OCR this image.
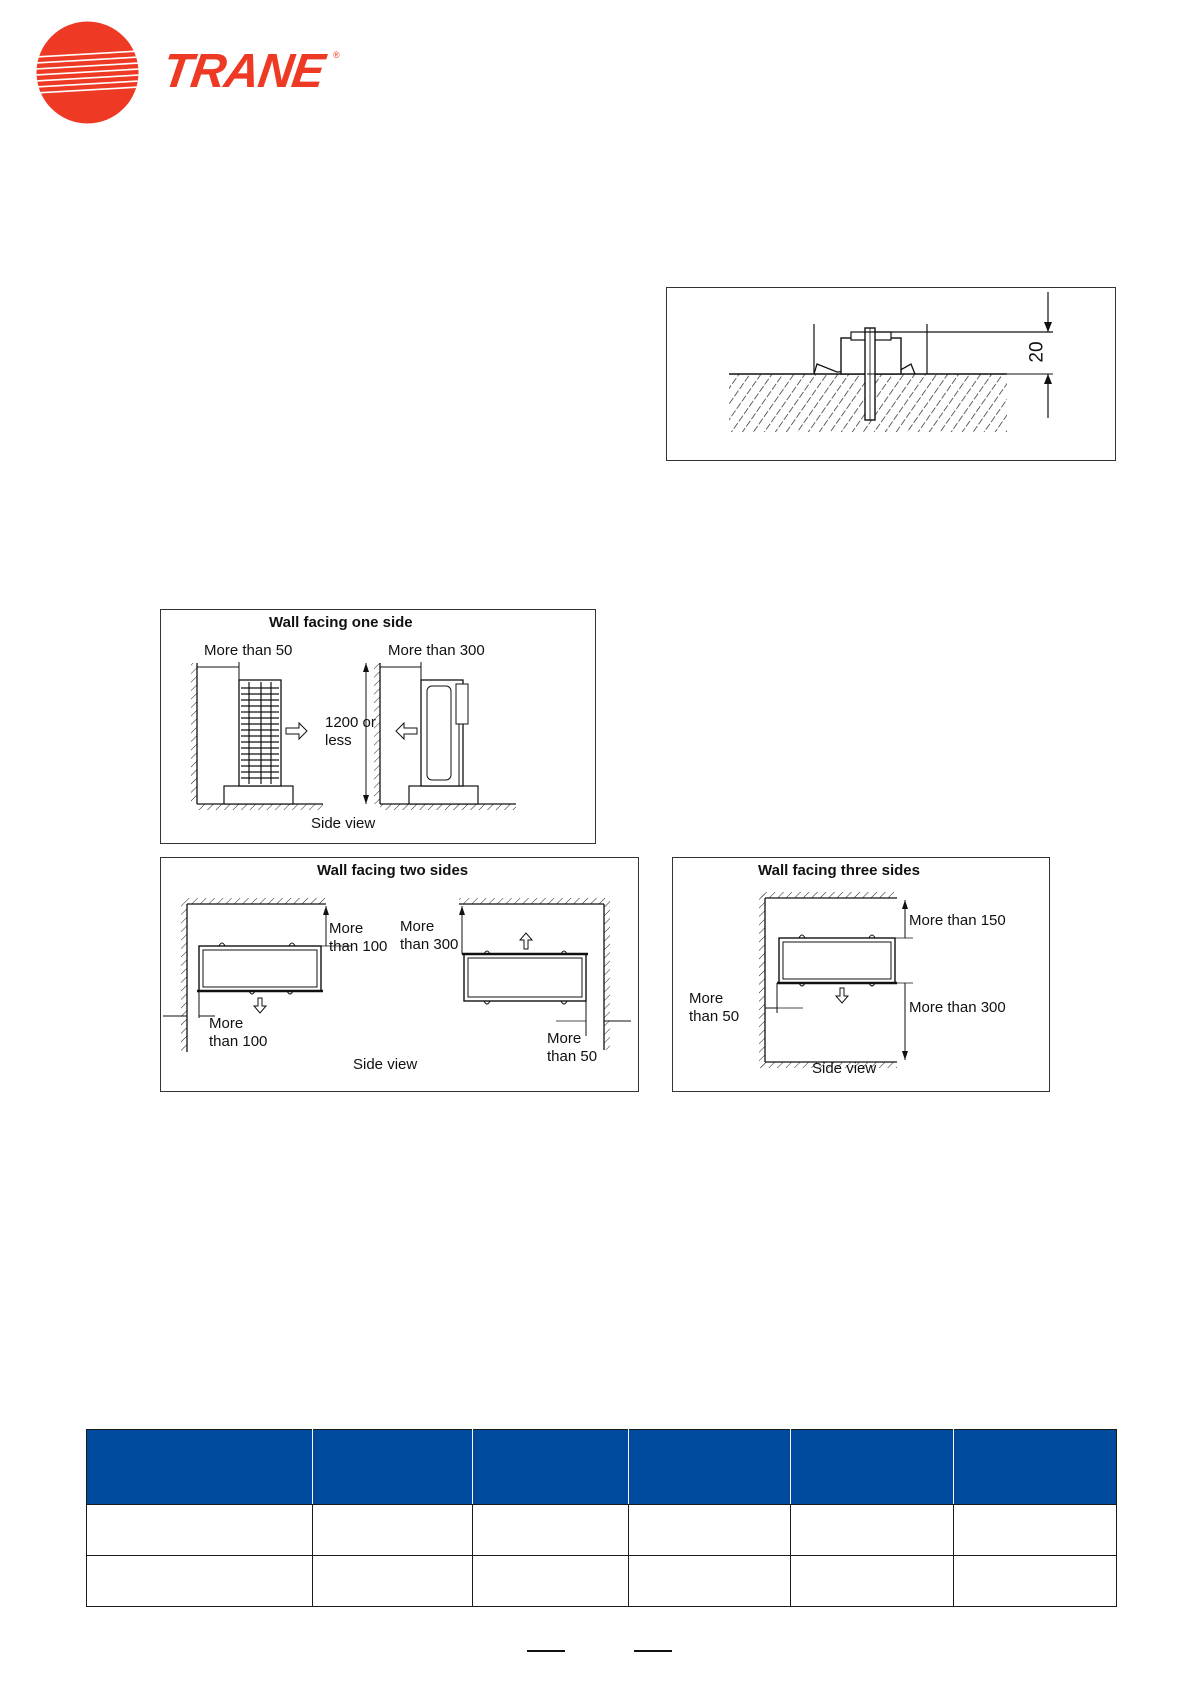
TRANE ®
20
Wall facing one side
More than 50	More than 300
1200 or
less
Side view
Wall facing two sides
More
than 100
More
than 100
More
than 300
More
than 50
Side view
Wall facing three sides
More than 150
More
than 50
More than 300
Side view
